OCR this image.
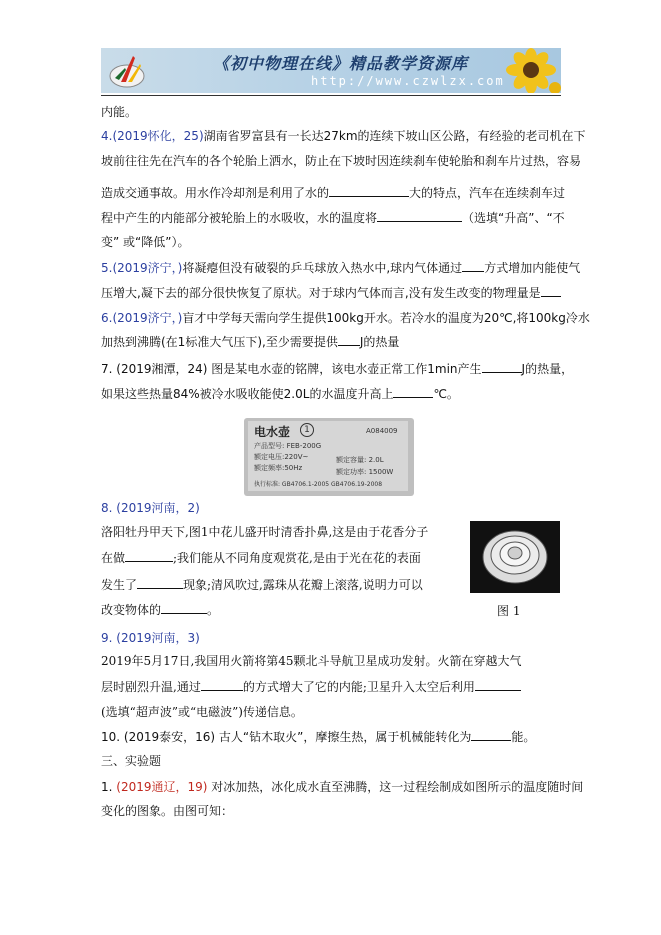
《初中物理在线》精品教学资源库
http://www.czwlzx.com
内能。
4.(2019怀化，25)湖南省罗富县有一长达27km的连续下坡山区公路，有经验的老司机在下
坡前往往先在汽车的各个轮胎上洒水，防止在下坡时因连续刹车使轮胎和刹车片过热，容易
造成交通事故。用水作冷却剂是利用了水的	大的特点，汽车在连续刹车过
程中产生的内能部分被轮胎上的水吸收，水的温度将	（选填“升高”、“不
变” 或“降低”）。
5.(2019济宁，)将凝瘪但没有破裂的乒乓球放入热水中,球内气体通过 方式增加内能使气
压增大,凝下去的部分很快恢复了原状。对于球内气体而言,没有发生改变的物理量是
6.(2019济宁，)盲才中学每天需向学生提供100kg开水。若冷水的温度为20℃,将100kg冷水
加热到沸腾(在1标准大气压下),至少需要提供 J的热量
7. (2019湘潭，24) 图是某电水壶的铭牌，该电水壶正常工作1min产生	J的热量，
如果这些热量84%被冷水吸收能使2.0L的水温度升高上	℃。
电水壶	1
产品型号: FEB-200G
额定电压:220V~
额定频率:50Hz
执行标准: GB4706.1-2005 GB4706.19-2008
A084009
额定容量: 2.0L
额定功率: 1500W
8. (2019河南，2)
洛阳牡丹甲天下,图1中花儿盛开时清香扑鼻,这是由于花香分子
在做	;我们能从不同角度观赏花,是由于光在花的表面
发生了	现象;清风吹过,露珠从花瓣上滚落,说明力可以
改变物体的	。	图 1
9. (2019河南，3)
2019年5月17日,我国用火箭将第45颗北斗导航卫星成功发射。火箭在穿越大气
层时剧烈升温,通过	的方式增大了它的内能;卫星升入太空后利用
(选填“超声波”或“电磁波”)传递信息。
10. (2019泰安，16) 古人“钻木取火”，摩擦生热，属于机械能转化为	能。
三、实验题
1. (2019通辽，19) 对冰加热，冰化成水直至沸腾，这一过程绘制成如图所示的温度随时间
变化的图象。由图可知：
